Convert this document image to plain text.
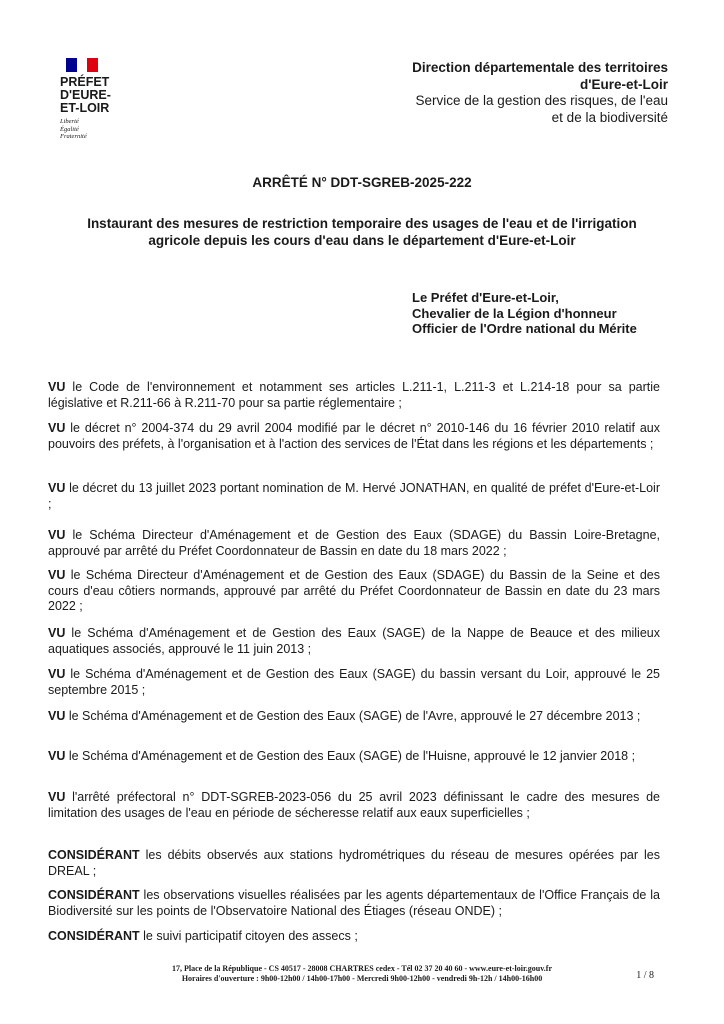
PRÉFET
D'EURE-
ET-LOIR
Liberté
Égalité
Fraternité
Direction départementale des territoires
d'Eure-et-Loir
Service de la gestion des risques, de l'eau
et de la biodiversité
ARRÊTÉ N° DDT-SGREB-2025-222
Instaurant des mesures de restriction temporaire des usages de l'eau et de l'irrigation
agricole depuis les cours d'eau dans le département d'Eure-et-Loir
Le Préfet d'Eure-et-Loir,
Chevalier de la Légion d'honneur
Officier de l'Ordre national du Mérite
VU le Code de l'environnement et notamment ses articles L.211-1, L.211-3 et L.214-18 pour sa partie législative et R.211-66 à R.211-70 pour sa partie réglementaire ;
VU le décret n° 2004-374 du 29 avril 2004 modifié par le décret n° 2010-146 du 16 février 2010 relatif aux pouvoirs des préfets, à l'organisation et à l'action des services de l'État dans les régions et les départements ;
VU le décret du 13 juillet 2023 portant nomination de M. Hervé JONATHAN, en qualité de préfet d'Eure-et-Loir ;
VU le Schéma Directeur d'Aménagement et de Gestion des Eaux (SDAGE) du Bassin Loire-Bretagne, approuvé par arrêté du Préfet Coordonnateur de Bassin en date du 18 mars 2022 ;
VU le Schéma Directeur d'Aménagement et de Gestion des Eaux (SDAGE) du Bassin de la Seine et des cours d'eau côtiers normands, approuvé par arrêté du Préfet Coordonnateur de Bassin en date du 23 mars 2022 ;
VU le Schéma d'Aménagement et de Gestion des Eaux (SAGE) de la Nappe de Beauce et des milieux aquatiques associés, approuvé le 11 juin 2013 ;
VU le Schéma d'Aménagement et de Gestion des Eaux (SAGE) du bassin versant du Loir, approuvé le 25 septembre 2015 ;
VU le Schéma d'Aménagement et de Gestion des Eaux (SAGE) de l'Avre, approuvé le 27 décembre 2013 ;
VU le Schéma d'Aménagement et de Gestion des Eaux (SAGE) de l'Huisne, approuvé le 12 janvier 2018 ;
VU l'arrêté préfectoral n° DDT-SGREB-2023-056 du 25 avril 2023 définissant le cadre des mesures de limitation des usages de l'eau en période de sécheresse relatif aux eaux superficielles ;
CONSIDÉRANT les débits observés aux stations hydrométriques du réseau de mesures opérées par les DREAL ;
CONSIDÉRANT les observations visuelles réalisées par les agents départementaux de l'Office Français de la Biodiversité sur les points de l'Observatoire National des Étiages (réseau ONDE) ;
CONSIDÉRANT le suivi participatif citoyen des assecs ;
17, Place de la République - CS 40517 - 28008 CHARTRES cedex - Tél 02 37 20 40 60 - www.eure-et-loir.gouv.fr
Horaires d'ouverture : 9h00-12h00 / 14h00-17h00 - Mercredi 9h00-12h00 - vendredi 9h-12h / 14h00-16h00	1 / 8
